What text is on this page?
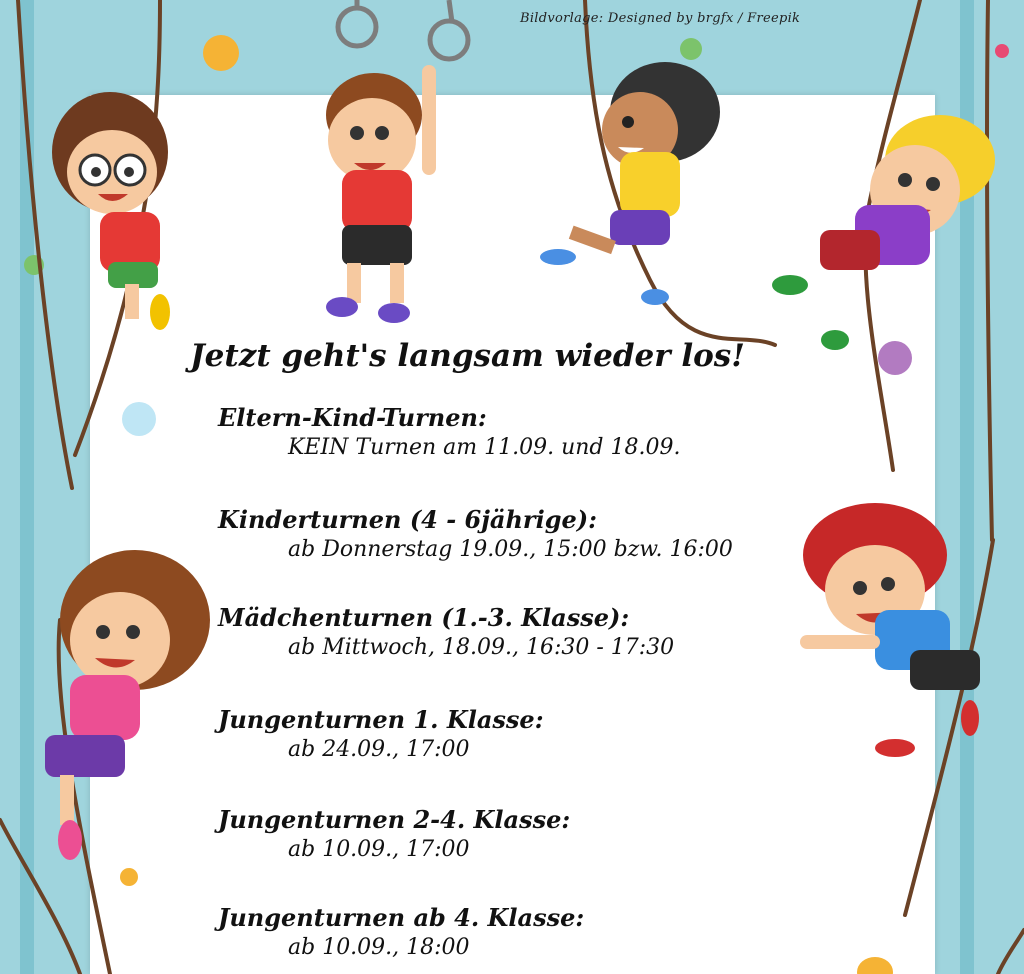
Bildvorlage: Designed by brgfx / Freepik
Jetzt geht's langsam wieder los!
Eltern-Kind-Turnen:
KEIN Turnen am 11.09. und 18.09.
Kinderturnen (4 - 6jährige):
ab Donnerstag 19.09., 15:00 bzw. 16:00
Mädchenturnen (1.-3. Klasse):
ab Mittwoch, 18.09., 16:30 - 17:30
Jungenturnen 1. Klasse:
ab 24.09., 17:00
Jungenturnen 2-4. Klasse:
ab 10.09., 17:00
Jungenturnen ab 4. Klasse:
ab 10.09., 18:00
